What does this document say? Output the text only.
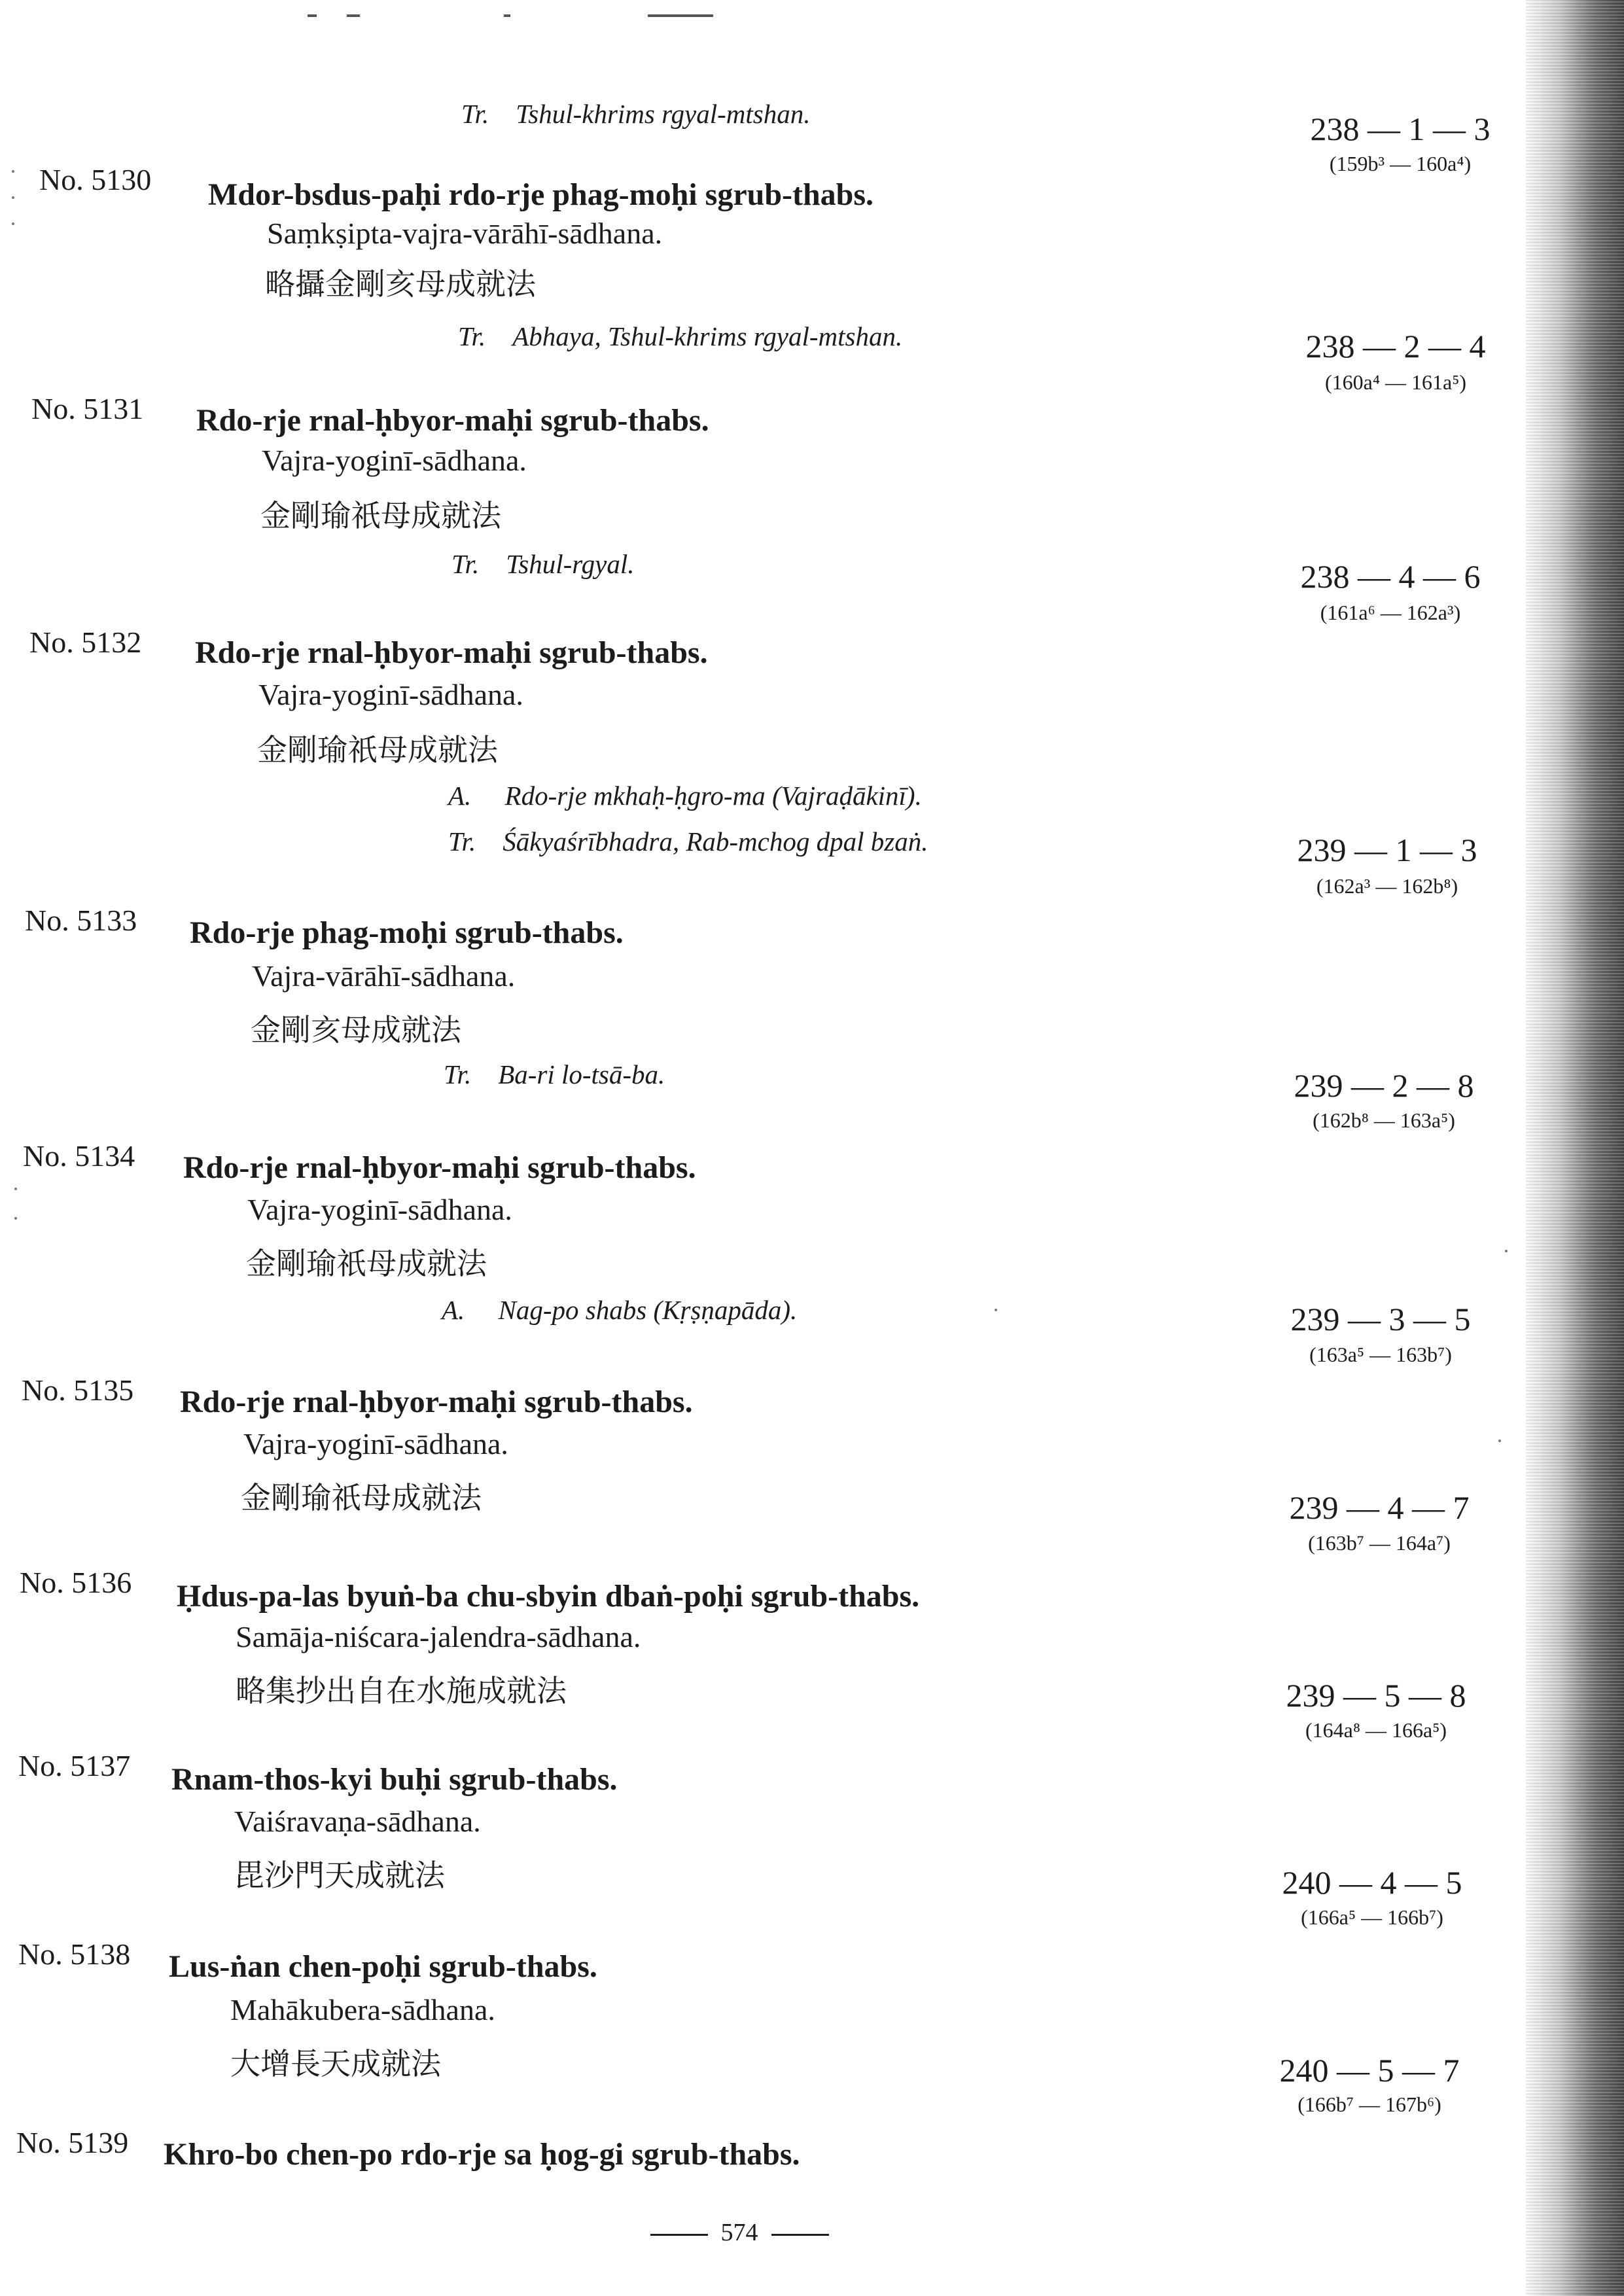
Tr. Tshul-khrims rgyal-mtshan.	238 — 1 — 3
(159b³ — 160a⁴)
No. 5130 Mdor-bsdus-paḥi rdo-rje phag-moḥi sgrub-thabs.
Saṃkṣipta-vajra-vārāhī-sādhana.
略攝金剛亥母成就法
Tr. Abhaya, Tshul-khrims rgyal-mtshan.	238 — 2 — 4
(160a⁴ — 161a⁵)
No. 5131 Rdo-rje rnal-ḥbyor-maḥi sgrub-thabs.
Vajra-yoginī-sādhana.
金剛瑜祇母成就法
Tr. Tshul-rgyal.	238 — 4 — 6
(161a⁶ — 162a³)
No. 5132 Rdo-rje rnal-ḥbyor-maḥi sgrub-thabs.
Vajra-yoginī-sādhana.
金剛瑜祇母成就法
A. Rdo-rje mkhaḥ-ḥgro-ma (Vajraḍākinī).
Tr. Śākyaśrībhadra, Rab-mchog dpal bzaṅ.	239 — 1 — 3
(162a³ — 162b⁸)
No. 5133 Rdo-rje phag-moḥi sgrub-thabs.
Vajra-vārāhī-sādhana.
金剛亥母成就法
Tr. Ba-ri lo-tsā-ba.	239 — 2 — 8
(162b⁸ — 163a⁵)
No. 5134 Rdo-rje rnal-ḥbyor-maḥi sgrub-thabs.
Vajra-yoginī-sādhana.
金剛瑜祇母成就法
A. Nag-po shabs (Kṛṣṇapāda).	239 — 3 — 5
(163a⁵ — 163b⁷)
No. 5135 Rdo-rje rnal-ḥbyor-maḥi sgrub-thabs.
Vajra-yoginī-sādhana.
金剛瑜祇母成就法	239 — 4 — 7
(163b⁷ — 164a⁷)
No. 5136 Ḥdus-pa-las byuṅ-ba chu-sbyin dbaṅ-poḥi sgrub-thabs.
Samāja-niścara-jalendra-sādhana.
略集抄出自在水施成就法	239 — 5 — 8
(164a⁸ — 166a⁵)
No. 5137 Rnam-thos-kyi buḥi sgrub-thabs.
Vaiśravaṇa-sādhana.
毘沙門天成就法	240 — 4 — 5
(166a⁵ — 166b⁷)
No. 5138 Lus-ṅan chen-poḥi sgrub-thabs.
Mahākubera-sādhana.
大增長天成就法	240 — 5 — 7
(166b⁷ — 167b⁶)
No. 5139 Khro-bo chen-po rdo-rje sa ḥog-gi sgrub-thabs.
574
